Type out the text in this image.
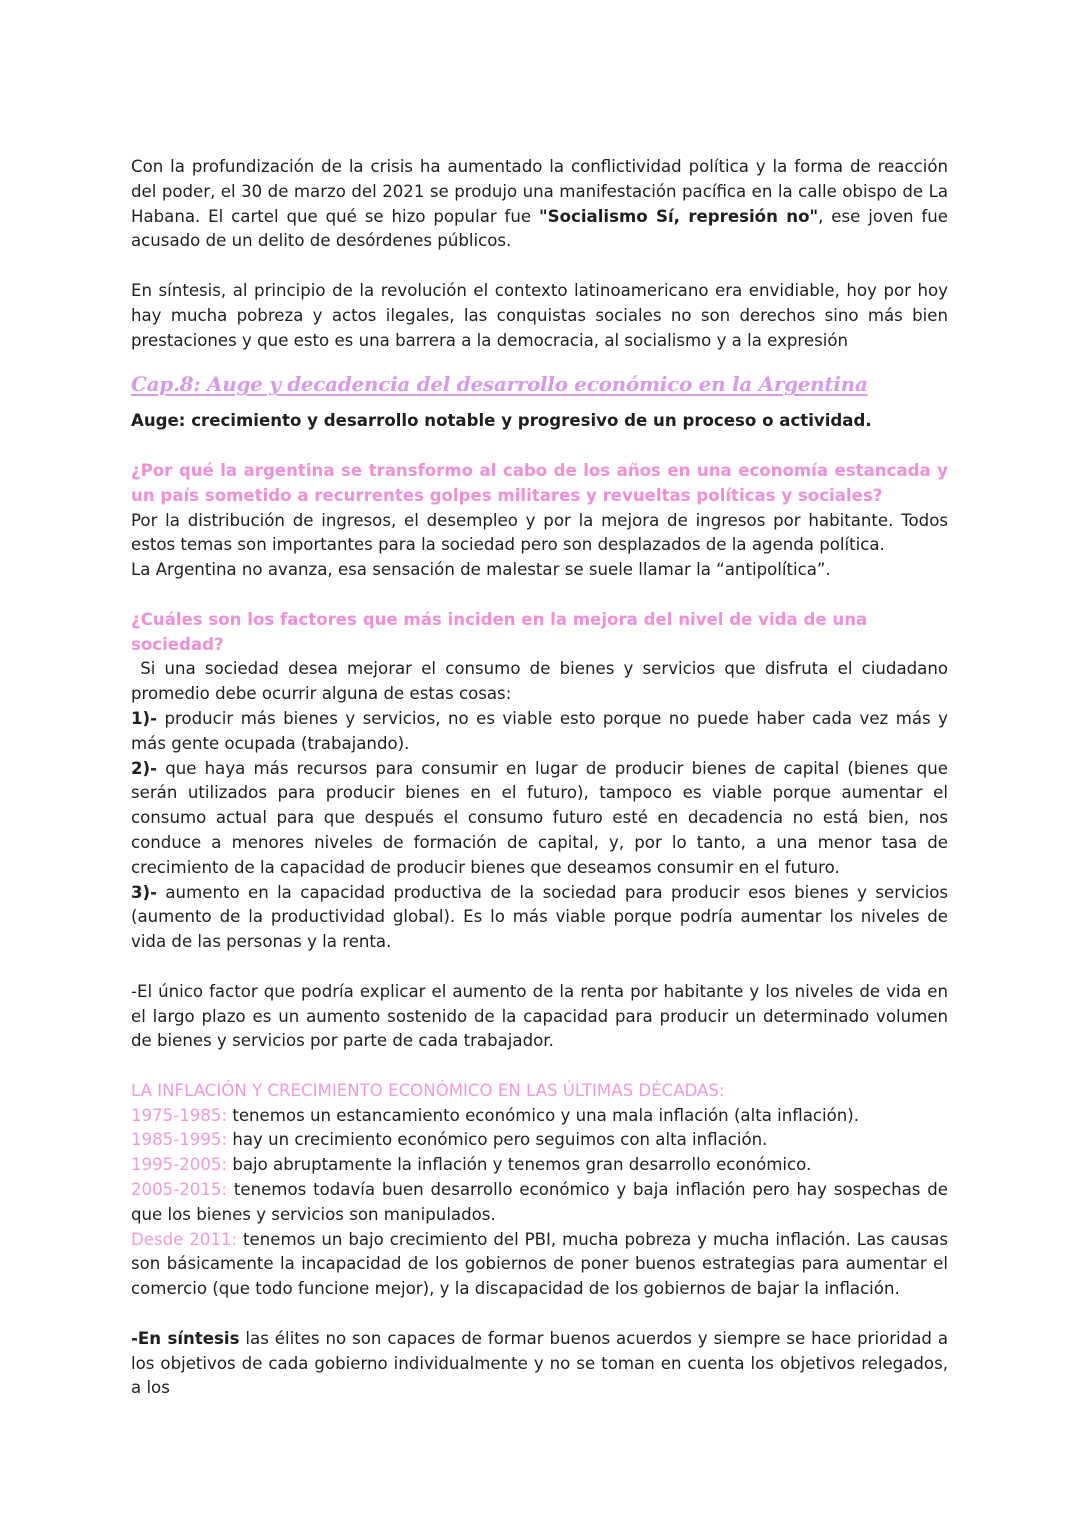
Con la profundización de la crisis ha aumentado la conflictividad política y la forma de reacción del poder, el 30 de marzo del 2021 se produjo una manifestación pacífica en la calle obispo de La Habana. El cartel que qué se hizo popular fue "Socialismo Sí, represión no", ese joven fue acusado de un delito de desórdenes públicos.

En síntesis, al principio de la revolución el contexto latinoamericano era envidiable, hoy por hoy hay mucha pobreza y actos ilegales, las conquistas sociales no son derechos sino más bien prestaciones y que esto es una barrera a la democracia, al socialismo y a la expresión

Cap.8: Auge y decadencia del desarrollo económico en la Argentina

Auge: crecimiento y desarrollo notable y progresivo de un proceso o actividad.

¿Por qué la argentina se transformo al cabo de los años en una economía estancada y un país sometido a recurrentes golpes militares y revueltas políticas y sociales?

Por la distribución de ingresos, el desempleo y por la mejora de ingresos por habitante. Todos estos temas son importantes para la sociedad pero son desplazados de la agenda política.

La Argentina no avanza, esa sensación de malestar se suele llamar la “antipolítica”.

¿Cuáles son los factores que más inciden en la mejora del nivel de vida de una sociedad?

Si una sociedad desea mejorar el consumo de bienes y servicios que disfruta el ciudadano promedio debe ocurrir alguna de estas cosas:

1)- producir más bienes y servicios, no es viable esto porque no puede haber cada vez más y más gente ocupada (trabajando).

2)- que haya más recursos para consumir en lugar de producir bienes de capital (bienes que serán utilizados para producir bienes en el futuro), tampoco es viable porque aumentar el consumo actual para que después el consumo futuro esté en decadencia no está bien, nos conduce a menores niveles de formación de capital, y, por lo tanto, a una menor tasa de crecimiento de la capacidad de producir bienes que deseamos consumir en el futuro.

3)- aumento en la capacidad productiva de la sociedad para producir esos bienes y servicios (aumento de la productividad global). Es lo más viable porque podría aumentar los niveles de vida de las personas y la renta.

-El único factor que podría explicar el aumento de la renta por habitante y los niveles de vida en el largo plazo es un aumento sostenido de la capacidad para producir un determinado volumen de bienes y servicios por parte de cada trabajador.

LA INFLACIÓN Y CRECIMIENTO ECONÓMICO EN LAS ÚLTIMAS DÉCADAS:

1975-1985: tenemos un estancamiento económico y una mala inflación (alta inflación).

1985-1995: hay un crecimiento económico pero seguimos con alta inflación.

1995-2005: bajo abruptamente la inflación y tenemos gran desarrollo económico.

2005-2015: tenemos todavía buen desarrollo económico y baja inflación pero hay sospechas de que los bienes y servicios son manipulados.

Desde 2011: tenemos un bajo crecimiento del PBI, mucha pobreza y mucha inflación. Las causas son básicamente la incapacidad de los gobiernos de poner buenos estrategias para aumentar el comercio (que todo funcione mejor), y la discapacidad de los gobiernos de bajar la inflación.

-En síntesis las élites no son capaces de formar buenos acuerdos y siempre se hace prioridad a los objetivos de cada gobierno individualmente y no se toman en cuenta los objetivos relegados, a los
